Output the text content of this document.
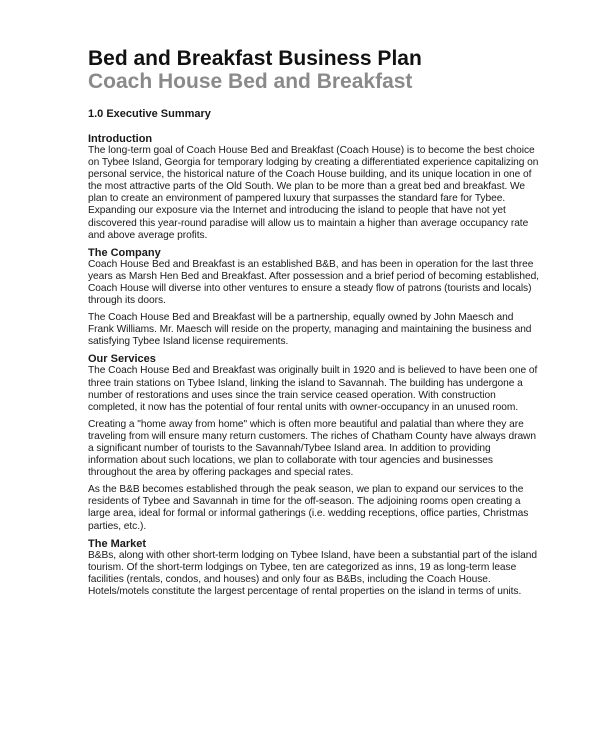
Bed and Breakfast Business Plan
Coach House Bed and Breakfast
1.0 Executive Summary
Introduction

The long-term goal of Coach House Bed and Breakfast (Coach House) is to become the best choice on Tybee Island, Georgia for temporary lodging by creating a differentiated experience capitalizing on personal service, the historical nature of the Coach House building, and its unique location in one of the most attractive parts of the Old South. We plan to be more than a great bed and breakfast. We plan to create an environment of pampered luxury that surpasses the standard fare for Tybee. Expanding our exposure via the Internet and introducing the island to people that have not yet discovered this year-round paradise will allow us to maintain a higher than average occupancy rate and above average profits.

The Company

Coach House Bed and Breakfast is an established B&B, and has been in operation for the last three years as Marsh Hen Bed and Breakfast. After possession and a brief period of becoming established, Coach House will diverse into other ventures to ensure a steady flow of patrons (tourists and locals) through its doors.

The Coach House Bed and Breakfast will be a partnership, equally owned by John Maesch and Frank Williams. Mr. Maesch will reside on the property, managing and maintaining the business and satisfying Tybee Island license requirements.

Our Services

The Coach House Bed and Breakfast was originally built in 1920 and is believed to have been one of three train stations on Tybee Island, linking the island to Savannah. The building has undergone a number of restorations and uses since the train service ceased operation. With construction completed, it now has the potential of four rental units with owner-occupancy in an unused room.

Creating a "home away from home" which is often more beautiful and palatial than where they are traveling from will ensure many return customers. The riches of Chatham County have always drawn a significant number of tourists to the Savannah/Tybee Island area. In addition to providing information about such locations, we plan to collaborate with tour agencies and businesses throughout the area by offering packages and special rates.

As the B&B becomes established through the peak season, we plan to expand our services to the residents of Tybee and Savannah in time for the off-season. The adjoining rooms open creating a large area, ideal for formal or informal gatherings (i.e. wedding receptions, office parties, Christmas parties, etc.).

The Market

B&Bs, along with other short-term lodging on Tybee Island, have been a substantial part of the island tourism. Of the short-term lodgings on Tybee, ten are categorized as inns, 19 as long-term lease facilities (rentals, condos, and houses) and only four as B&Bs, including the Coach House. Hotels/motels constitute the largest percentage of rental properties on the island in terms of units.
